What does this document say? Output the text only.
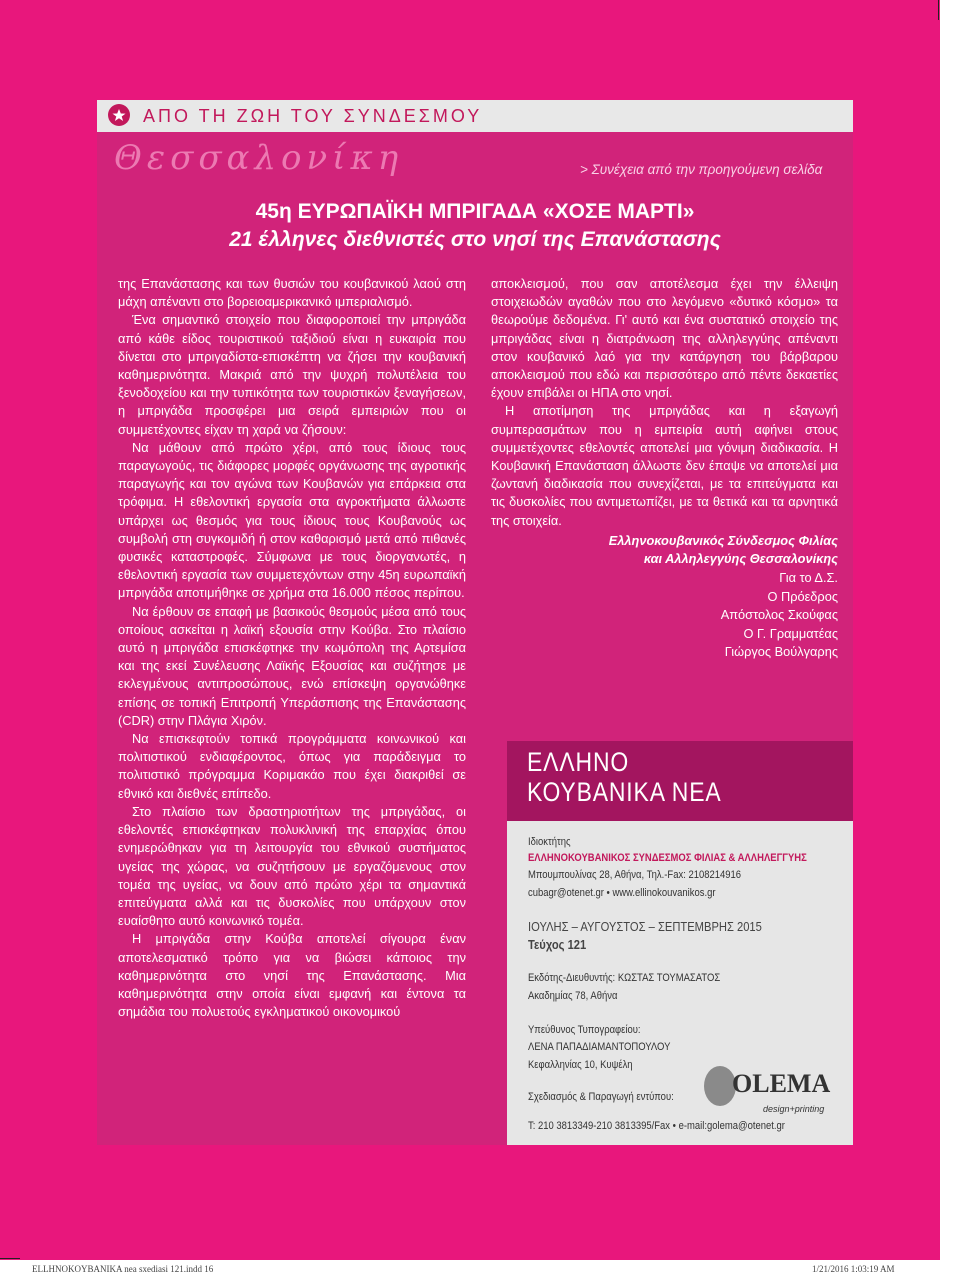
ΑΠΟ ΤΗ ΖΩΗ ΤΟΥ ΣΥΝΔΕΣΜΟΥ
Θεσσαλονίκη	> Συνέχεια από την προηγούμενη σελίδα
45η ΕΥΡΩΠΑΪΚΗ ΜΠΡΙΓΑΔΑ «ΧΟΣΕ ΜΑΡΤΙ»
21 έλληνες διεθνιστές στο νησί της Επανάστασης

της Επανάστασης και των θυσιών του κουβανικού λαού στη μάχη απέναντι στο βορειοαμερικανικό ιμπεριαλισμό.

Ένα σημαντικό στοιχείο που διαφοροποιεί την μπριγάδα από κάθε είδος τουριστικού ταξιδιού είναι η ευκαιρία που δίνεται στο μπριγαδίστα-επισκέπτη να ζήσει την κουβανική καθημερινότητα. Μακριά από την ψυχρή πολυτέλεια του ξενοδοχείου και την τυπικότητα των τουριστικών ξεναγήσεων, η μπριγάδα προσφέρει μια σειρά εμπειριών που οι συμμετέχοντες είχαν τη χαρά να ζήσουν:

Να μάθουν από πρώτο χέρι, από τους ίδιους τους παραγωγούς, τις διάφορες μορφές οργάνωσης της αγροτικής παραγωγής και τον αγώνα των Κουβανών για επάρκεια στα τρόφιμα. Η εθελοντική εργασία στα αγροκτήματα άλλωστε υπάρχει ως θεσμός για τους ίδιους τους Κουβανούς ως συμβολή στη συγκομιδή ή στον καθαρισμό μετά από πιθανές φυσικές καταστροφές. Σύμφωνα με τους διοργανωτές, η εθελοντική εργασία των συμμετεχόντων στην 45η ευρωπαϊκή μπριγάδα αποτιμήθηκε σε χρήμα στα 16.000 πέσος περίπου.

Να έρθουν σε επαφή με βασικούς θεσμούς μέσα από τους οποίους ασκείται η λαϊκή εξουσία στην Κούβα. Στο πλαίσιο αυτό η μπριγάδα επισκέφτηκε την κωμόπολη της Αρτεμίσα και της εκεί Συνέλευσης Λαϊκής Εξουσίας και συζήτησε με εκλεγμένους αντιπροσώπους, ενώ επίσκεψη οργανώθηκε επίσης σε τοπική Επιτροπή Υπεράσπισης της Επανάστασης (CDR) στην Πλάγια Χιρόν.

Να επισκεφτούν τοπικά προγράμματα κοινωνικού και πολιτιστικού ενδιαφέροντος, όπως για παράδειγμα το πολιτιστικό πρόγραμμα Κοριμακάο που έχει διακριθεί σε εθνικό και διεθνές επίπεδο.

Στο πλαίσιο των δραστηριοτήτων της μπριγάδας, οι εθελοντές επισκέφτηκαν πολυκλινική της επαρχίας όπου ενημερώθηκαν για τη λειτουργία του εθνικού συστήματος υγείας της χώρας, να συζητήσουν με εργαζόμενους στον τομέα της υγείας, να δουν από πρώτο χέρι τα σημαντικά επιτεύγματα αλλά και τις δυσκολίες που υπάρχουν στον ευαίσθητο αυτό κοινωνικό τομέα.

Η μπριγάδα στην Κούβα αποτελεί σίγουρα έναν αποτελεσματικό τρόπο για να βιώσει κάποιος την καθημερινότητα στο νησί της Επανάστασης. Μια καθημερινότητα στην οποία είναι εμφανή και έντονα τα σημάδια του πολυετούς εγκληματικού οικονομικού

αποκλεισμού, που σαν αποτέλεσμα έχει την έλλειψη στοιχειωδών αγαθών που στο λεγόμενο «δυτικό κόσμο» τα θεωρούμε δεδομένα. Γι' αυτό και ένα συστατικό στοιχείο της μπριγάδας είναι η διατράνωση της αλληλεγγύης απέναντι στον κουβανικό λαό για την κατάργηση του βάρβαρου αποκλεισμού που εδώ και περισσότερο από πέντε δεκαετίες έχουν επιβάλει οι ΗΠΑ στο νησί.

Η αποτίμηση της μπριγάδας και η εξαγωγή συμπερασμάτων που η εμπειρία αυτή αφήνει στους συμμετέχοντες εθελοντές αποτελεί μια γόνιμη διαδικασία. Η Κουβανική Επανάσταση άλλωστε δεν έπαψε να αποτελεί μια ζωντανή διαδικασία που συνεχίζεται, με τα επιτεύγματα και τις δυσκολίες που αντιμετωπίζει, με τα θετικά και τα αρνητικά της στοιχεία.

Ελληνοκουβανικός Σύνδεσμος Φιλίας
και Αλληλεγγύης Θεσσαλονίκης
Για το Δ.Σ.
Ο Πρόεδρος
Απόστολος Σκούφας
Ο Γ. Γραμματέας
Γιώργος Βούλγαρης
ΕΛΛΗΝΟ
ΚΟΥΒΑΝΙΚΑ ΝΕΑ
Ιδιοκτήτης
ΕΛΛΗΝΟΚΟΥΒΑΝΙΚΟΣ ΣΥΝΔΕΣΜΟΣ ΦΙΛΙΑΣ & ΑΛΛΗΛΕΓΓΥΗΣ
Μπουμπουλίνας 28, Αθήνα, Τηλ.-Fax: 2108214916
cubagr@otenet.gr • www.ellinokouvanikos.gr
ΙΟΥΛΗΣ – ΑΥΓΟΥΣΤΟΣ – ΣΕΠΤΕΜΒΡΗΣ 2015
Τεύχος 121
Εκδότης-Διευθυντής: ΚΩΣΤΑΣ ΤΟΥΜΑΣΑΤΟΣ
Ακαδημίας 78, Αθήνα
Υπεύθυνος Τυπογραφείου:
ΛΕΝΑ ΠΑΠΑΔΙΑΜΑΝΤΟΠΟΥΛΟΥ
Κεφαλληνίας 10, Κυψέλη
Σχεδιασμός & Παραγωγή εντύπου:	OLEMA
design+printing
T: 210 3813349-210 3813395/Fax • e-mail:golema@otenet.gr
ΕLLHNOKOYBANIKA nea sxediasi 121.indd 16	1/21/2016 1:03:19 AM
